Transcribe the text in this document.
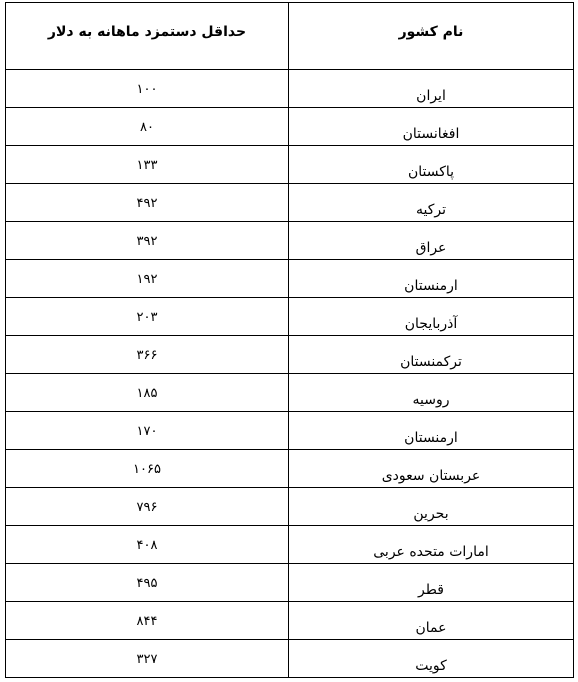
نام کشور	حداقل دستمزد ماهانه به دلار

ایران	۱۰۰

افغانستان	۸۰

پاکستان	۱۳۳

ترکیه	۴۹۲

عراق	۳۹۲

ارمنستان	۱۹۲

آذربایجان	۲۰۳

ترکمنستان	۳۶۶

روسیه	۱۸۵

ارمنستان	۱۷۰

عربستان سعودی	۱۰۶۵

بحرین	۷۹۶

امارات متحده عربی	۴۰۸

قطر	۴۹۵

عمان	۸۴۴

کویت	۳۲۷
